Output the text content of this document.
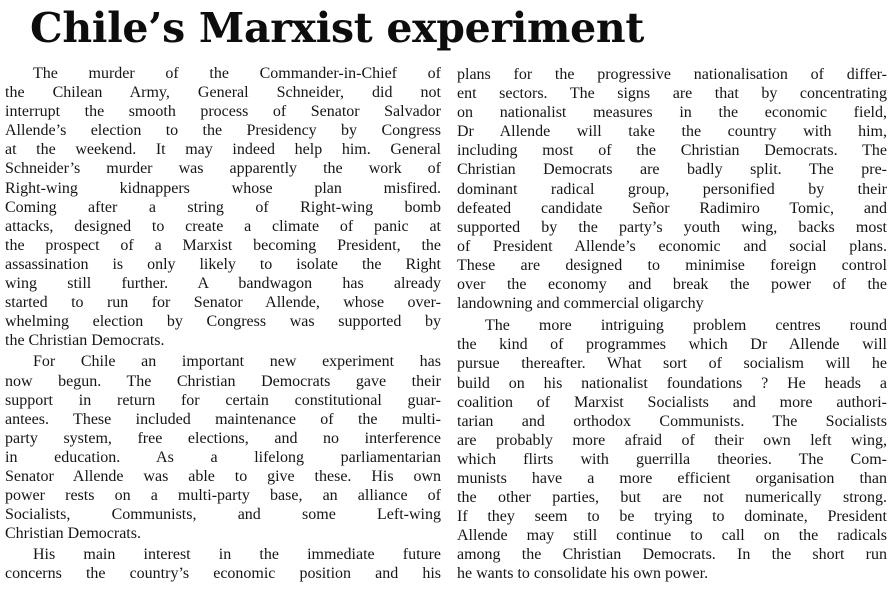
Chile’s Marxist experiment
The murder of the Commander-in-Chief of
the Chilean Army, General Schneider, did not
interrupt the smooth process of Senator Salvador
Allende’s election to the Presidency by Congress
at the weekend. It may indeed help him. General
Schneider’s murder was apparently the work of
Right-wing kidnappers whose plan misfired.
Coming after a string of Right-wing bomb
attacks, designed to create a climate of panic at
the prospect of a Marxist becoming President, the
assassination is only likely to isolate the Right
wing still further. A bandwagon has already
started to run for Senator Allende, whose over-
whelming election by Congress was supported by
the Christian Democrats.
For Chile an important new experiment has
now begun. The Christian Democrats gave their
support in return for certain constitutional guar-
antees. These included maintenance of the multi-
party system, free elections, and no interference
in education. As a lifelong parliamentarian
Senator Allende was able to give these. His own
power rests on a multi-party base, an alliance of
Socialists, Communists, and some Left-wing
Christian Democrats.
His main interest in the immediate future
concerns the country’s economic position and his
plans for the progressive nationalisation of differ-
ent sectors. The signs are that by concentrating
on nationalist measures in the economic field,
Dr Allende will take the country with him,
including most of the Christian Democrats. The
Christian Democrats are badly split. The pre-
dominant radical group, personified by their
defeated candidate Señor Radimiro Tomic, and
supported by the party’s youth wing, backs most
of President Allende’s economic and social plans.
These are designed to minimise foreign control
over the economy and break the power of the
landowning and commercial oligarchy
The more intriguing problem centres round
the kind of programmes which Dr Allende will
pursue thereafter. What sort of socialism will he
build on his nationalist foundations ? He heads a
coalition of Marxist Socialists and more authori-
tarian and orthodox Communists. The Socialists
are probably more afraid of their own left wing,
which flirts with guerrilla theories. The Com-
munists have a more efficient organisation than
the other parties, but are not numerically strong.
If they seem to be trying to dominate, President
Allende may still continue to call on the radicals
among the Christian Democrats. In the short run
he wants to consolidate his own power.
